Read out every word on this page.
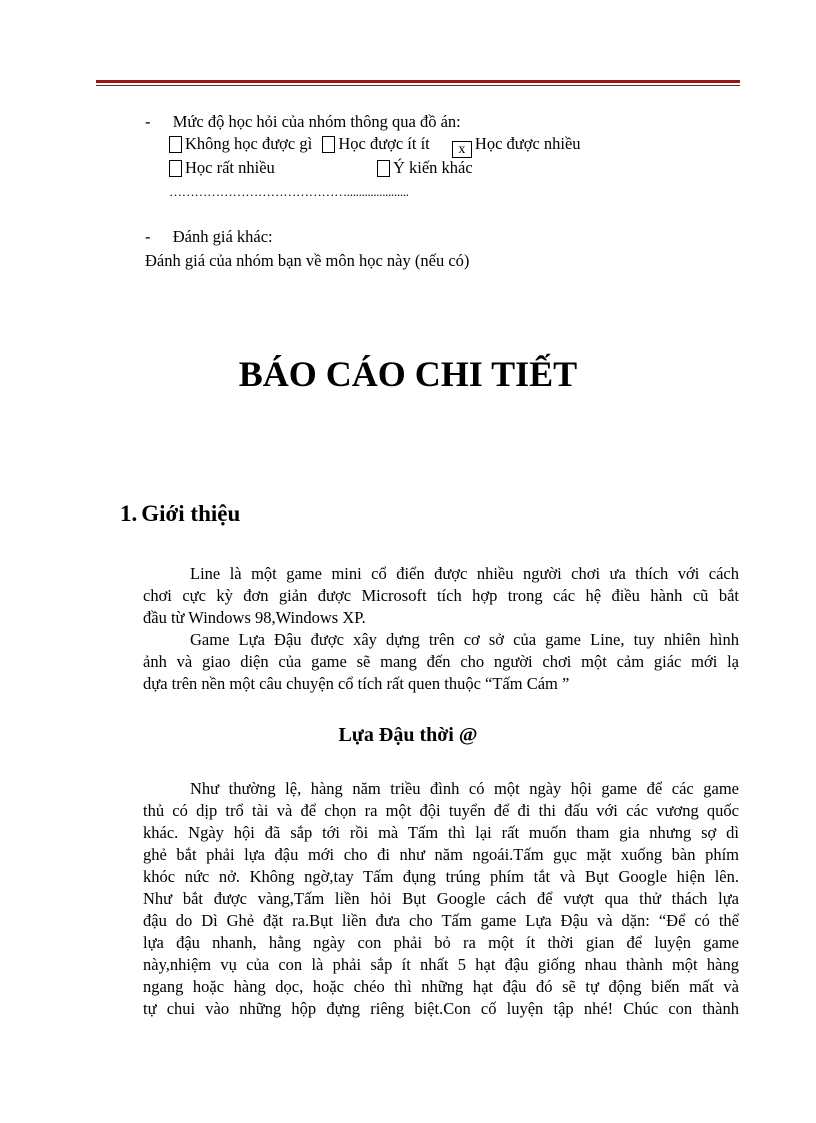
- Mức độ học hỏi của nhóm thông qua đồ án:
Không học được gì Học được ít ít x Học được nhiều
Học rất nhiều	Ý kiến khác
…………………………………….....................
- Đánh giá khác:
Đánh giá của nhóm bạn về môn học này (nếu có)
BÁO CÁO CHI TIẾT
1. Giới thiệu
Line là một game mini cổ điển được nhiều người chơi ưa thích với cách
chơi cực kỳ đơn giản được Microsoft tích hợp trong các hệ điều hành cũ bắt
đầu từ Windows 98,Windows XP.
Game Lựa Đậu được xây dựng trên cơ sở của game Line, tuy nhiên hình
ảnh và giao diện của game sẽ mang đến cho người chơi một cảm giác mới lạ
dựa trên nền một câu chuyện cổ tích rất quen thuộc “Tấm Cám ”
Lựa Đậu thời @
Như thường lệ, hàng năm triều đình có một ngày hội game để các game
thủ có dịp trổ tài và để chọn ra một đội tuyển để đi thi đấu với các vương quốc
khác. Ngày hội đã sắp tới rồi mà Tấm thì lại rất muốn tham gia nhưng sợ dì
ghẻ bắt phải lựa đậu mới cho đi như năm ngoái.Tấm gục mặt xuống bàn phím
khóc nức nở. Không ngờ,tay Tấm đụng trúng phím tắt và Bụt Google hiện lên.
Như bắt được vàng,Tấm liền hỏi Bụt Google cách để vượt qua thử thách lựa
đậu do Dì Ghẻ đặt ra.Bụt liền đưa cho Tấm game Lựa Đậu và dặn: “Để có thể
lựa đậu nhanh, hằng ngày con phải bỏ ra một ít thời gian để luyện game
này,nhiệm vụ của con là phải sắp ít nhất 5 hạt đậu giống nhau thành một hàng
ngang hoặc hàng dọc, hoặc chéo thì những hạt đậu đó sẽ tự động biến mất và
tự chui vào những hộp đựng riêng biệt.Con cố luyện tập nhé! Chúc con thành
